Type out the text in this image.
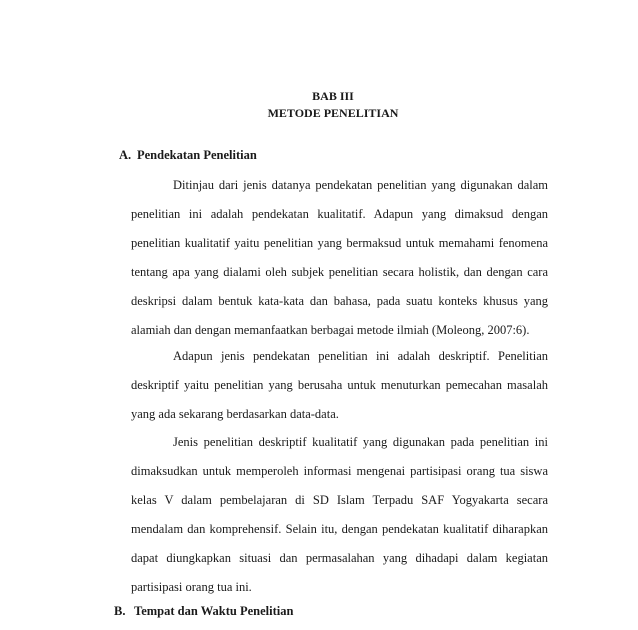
BAB III
METODE PENELITIAN
A. Pendekatan Penelitian
Ditinjau dari jenis datanya pendekatan penelitian yang digunakan dalam
penelitian ini adalah pendekatan kualitatif. Adapun yang dimaksud dengan
penelitian kualitatif yaitu penelitian yang bermaksud untuk memahami fenomena
tentang apa yang dialami oleh subjek penelitian secara holistik, dan dengan cara
deskripsi dalam bentuk kata-kata dan bahasa, pada suatu konteks khusus yang
alamiah dan dengan memanfaatkan berbagai metode ilmiah (Moleong, 2007:6).
Adapun jenis pendekatan penelitian ini adalah deskriptif. Penelitian
deskriptif yaitu penelitian yang berusaha untuk menuturkan pemecahan masalah
yang ada sekarang berdasarkan data-data.
Jenis penelitian deskriptif kualitatif yang digunakan pada penelitian ini
dimaksudkan untuk memperoleh informasi mengenai partisipasi orang tua siswa
kelas V dalam pembelajaran di SD Islam Terpadu SAF Yogyakarta secara
mendalam dan komprehensif. Selain itu, dengan pendekatan kualitatif diharapkan
dapat diungkapkan situasi dan permasalahan yang dihadapi dalam kegiatan
partisipasi orang tua ini.
B. Tempat dan Waktu Penelitian
